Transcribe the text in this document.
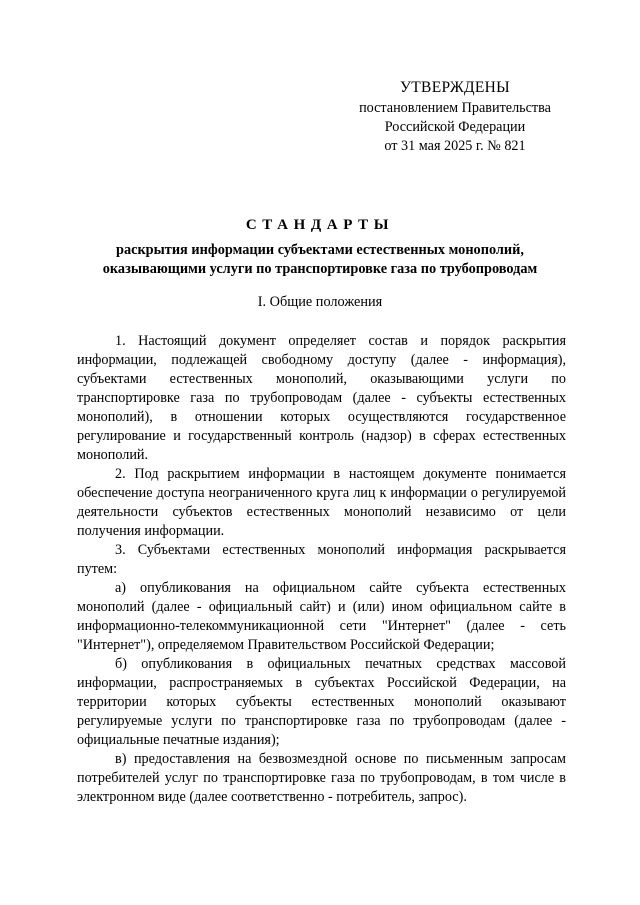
УТВЕРЖДЕНЫ
постановлением Правительства
Российской Федерации
от 31 мая 2025 г. № 821
СТАНДАРТЫ
раскрытия информации субъектами естественных монополий,
оказывающими услуги по транспортировке газа по трубопроводам
I. Общие положения

1. Настоящий документ определяет состав и порядок раскрытия информации, подлежащей свободному доступу (далее - информация), субъектами естественных монополий, оказывающими услуги по транспортировке газа по трубопроводам (далее - субъекты естественных монополий), в отношении которых осуществляются государственное регулирование и государственный контроль (надзор) в сферах естественных монополий.

2. Под раскрытием информации в настоящем документе понимается обеспечение доступа неограниченного круга лиц к информации о регулируемой деятельности субъектов естественных монополий независимо от цели получения информации.

3. Субъектами естественных монополий информация раскрывается путем:

а) опубликования на официальном сайте субъекта естественных монополий (далее - официальный сайт) и (или) ином официальном сайте в информационно-телекоммуникационной сети "Интернет" (далее - сеть "Интернет"), определяемом Правительством Российской Федерации;

б) опубликования в официальных печатных средствах массовой информации, распространяемых в субъектах Российской Федерации, на территории которых субъекты естественных монополий оказывают регулируемые услуги по транспортировке газа по трубопроводам (далее - официальные печатные издания);

в) предоставления на безвозмездной основе по письменным запросам потребителей услуг по транспортировке газа по трубопроводам, в том числе в электронном виде (далее соответственно - потребитель, запрос).
